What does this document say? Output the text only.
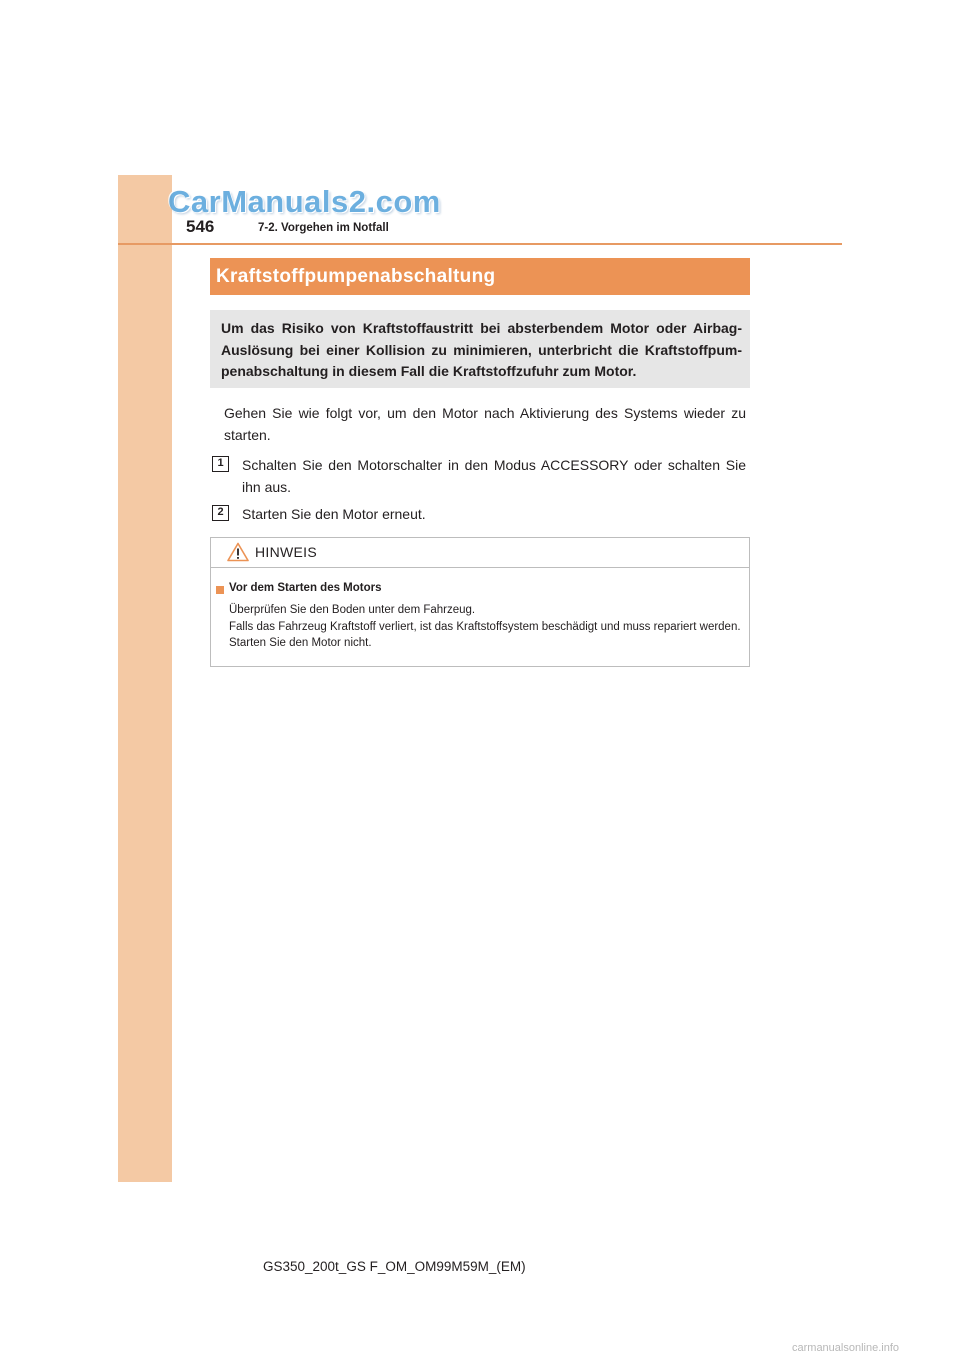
CarManuals2.com
546	7-2. Vorgehen im Notfall
Kraftstoffpumpenabschaltung
Um das Risiko von Kraftstoffaustritt bei absterbendem Motor oder Airbag-Auslösung bei einer Kollision zu minimieren, unterbricht die Kraftstoffpum-penabschaltung in diesem Fall die Kraftstoffzufuhr zum Motor.
Gehen Sie wie folgt vor, um den Motor nach Aktivierung des Systems wieder zu starten.
1	Schalten Sie den Motorschalter in den Modus ACCESSORY oder schalten Sie ihn aus.
2	Starten Sie den Motor erneut.
HINWEIS
Vor dem Starten des Motors
Überprüfen Sie den Boden unter dem Fahrzeug.
Falls das Fahrzeug Kraftstoff verliert, ist das Kraftstoffsystem beschädigt und muss repariert werden. Starten Sie den Motor nicht.
GS350_200t_GS F_OM_OM99M59M_(EM)
carmanualsonline.info
